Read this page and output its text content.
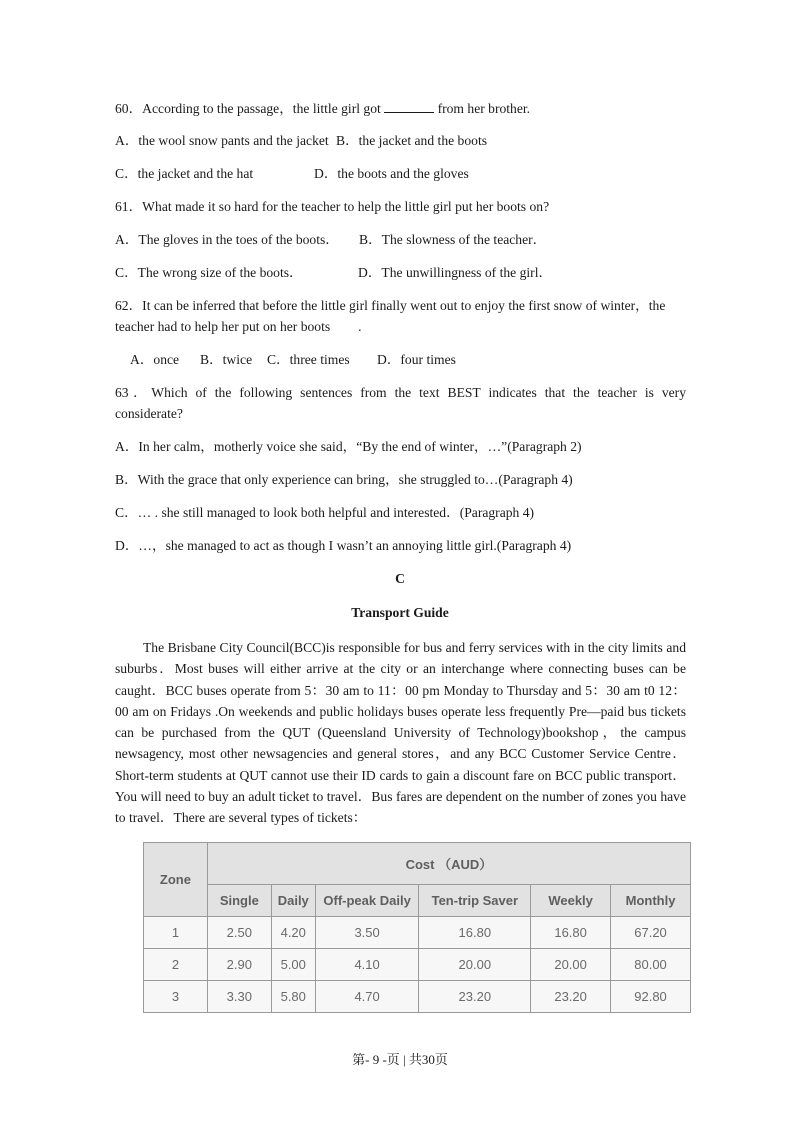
60．According to the passage，the little girl got	from her brother.
A．the wool snow pants and the jacket B．the jacket and the boots
C．the jacket and the hat	D．the boots and the gloves
61．What made it so hard for the teacher to help the little girl put her boots on?
A．The gloves in the toes of the boots． B．The slowness of the teacher．
C．The wrong size of the boots．	D．The unwillingness of the girl．
62．It can be inferred that before the little girl finally went out to enjoy the first snow of winter，the
teacher had to help her put on her boots .
A．once B．twice C．three times D．four times
63．Which of the following sentences from the text BEST indicates that the teacher is very
considerate?
A．In her calm，motherly voice she said，“By the end of winter，…”(Paragraph 2)
B．With the grace that only experience can bring，she struggled to…(Paragraph 4)
C．… . she still managed to look both helpful and interested．(Paragraph 4)
D．…，she managed to act as though I wasn’t an annoying little girl.(Paragraph 4)
C
Transport Guide

The Brisbane City Council(BCC)is responsible for bus and ferry services with in the city limits and suburbs．Most buses will either arrive at the city or an interchange where connecting buses can be caught．BCC buses operate from 5：30 am to 11：00 pm Monday to Thursday and 5：30 am t0 12：00 am on Fridays .On weekends and public holidays buses operate less frequently Pre—paid bus tickets can be purchased from the QUT (Queensland University of Technology)bookshop，the campus newsagency, most other newsagencies and general stores，and any BCC Customer Service Centre．Short-term students at QUT cannot use their ID cards to gain a discount fare on BCC public transport．You will need to buy an adult ticket to travel．Bus fares are dependent on the number of zones you have to travel．There are several types of tickets：

Zone	Cost （AUD）					
	Single	Daily	Off-peak Daily	Ten-trip Saver	Weekly	Monthly
1	2.50	4.20	3.50	16.80	16.80	67.20
2	2.90	5.00	4.10	20.00	20.00	80.00
3	3.30	5.80	4.70	23.20	23.20	92.80
第- 9 -页 | 共30页
